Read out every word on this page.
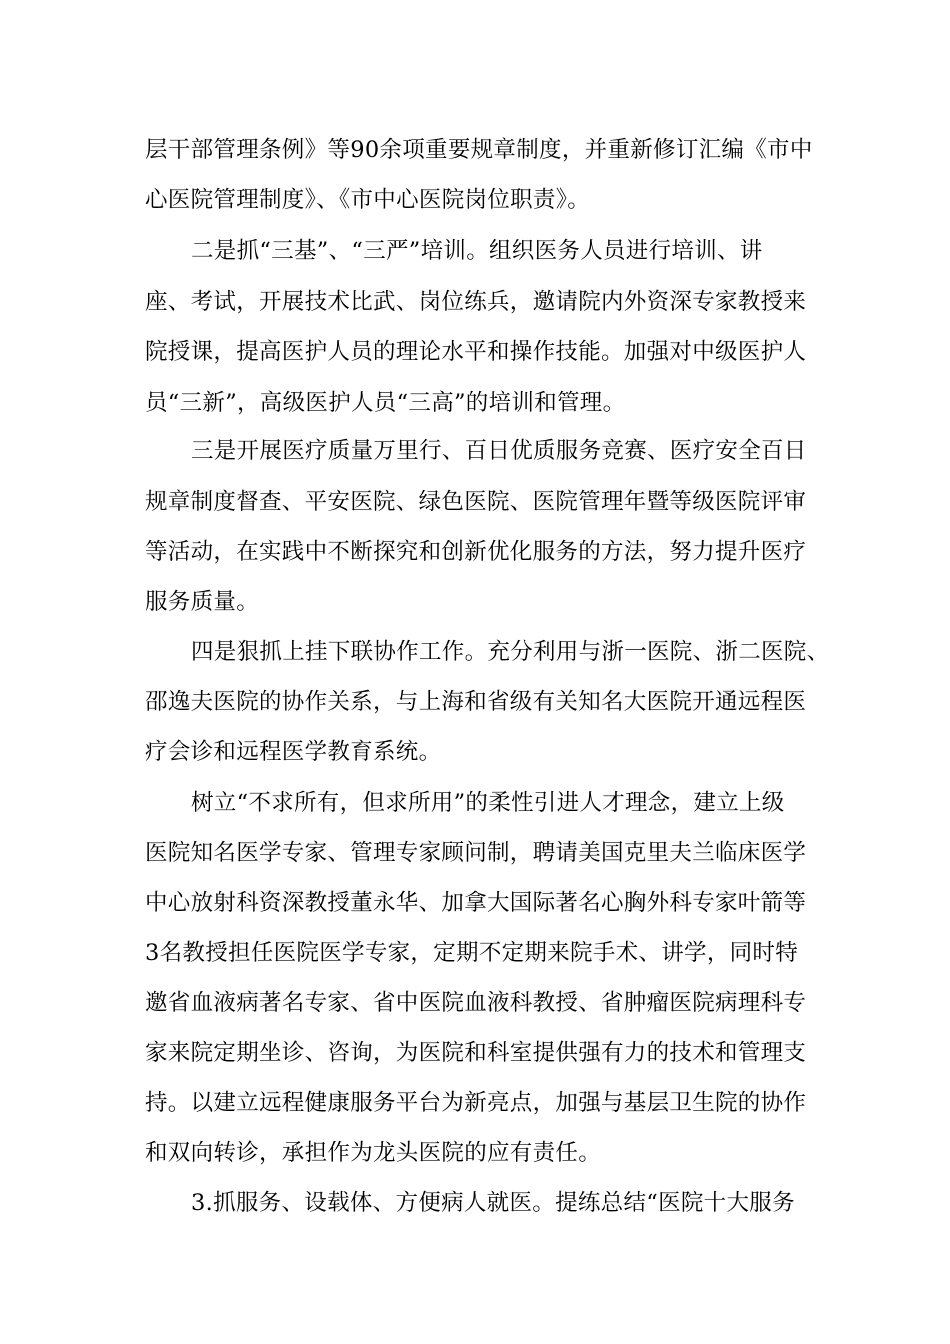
层干部管理条例》等90余项重要规章制度，并重新修订汇编《市中

心医院管理制度》、《市中心医院岗位职责》。

二是抓“三基”、“三严”培训。组织医务人员进行培训、讲

座、考试，开展技术比武、岗位练兵，邀请院内外资深专家教授来

院授课，提高医护人员的理论水平和操作技能。加强对中级医护人

员“三新”，高级医护人员“三高”的培训和管理。

三是开展医疗质量万里行、百日优质服务竞赛、医疗安全百日

规章制度督查、平安医院、绿色医院、医院管理年暨等级医院评审

等活动，在实践中不断探究和创新优化服务的方法，努力提升医疗

服务质量。

四是狠抓上挂下联协作工作。充分利用与浙一医院、浙二医院、

邵逸夫医院的协作关系，与上海和省级有关知名大医院开通远程医

疗会诊和远程医学教育系统。

树立“不求所有，但求所用”的柔性引进人才理念，建立上级

医院知名医学专家、管理专家顾问制，聘请美国克里夫兰临床医学

中心放射科资深教授董永华、加拿大国际著名心胸外科专家叶箭等

3名教授担任医院医学专家，定期不定期来院手术、讲学，同时特

邀省血液病著名专家、省中医院血液科教授、省肿瘤医院病理科专

家来院定期坐诊、咨询，为医院和科室提供强有力的技术和管理支

持。以建立远程健康服务平台为新亮点，加强与基层卫生院的协作

和双向转诊，承担作为龙头医院的应有责任。

3.抓服务、设载体、方便病人就医。提练总结“医院十大服务
